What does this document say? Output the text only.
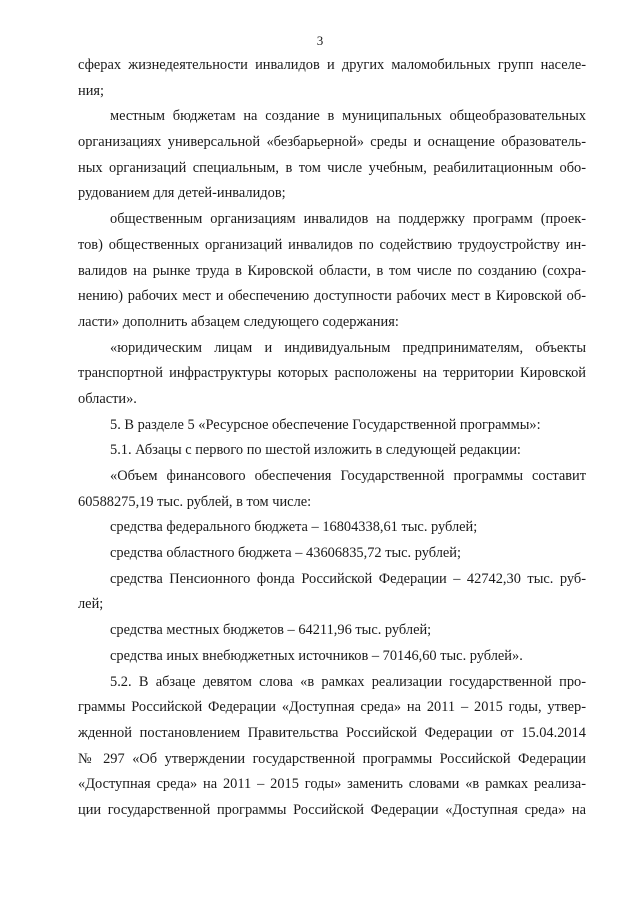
3
сферах жизнедеятельности инвалидов и других маломобильных групп населе-
ния;
местным бюджетам на создание в муниципальных общеобразовательных
организациях универсальной «безбарьерной» среды и оснащение образователь-
ных организаций специальным, в том числе учебным, реабилитационным обо-
рудованием для детей-инвалидов;
общественным организациям инвалидов на поддержку программ (проек-
тов) общественных организаций инвалидов по содействию трудоустройству ин-
валидов на рынке труда в Кировской области, в том числе по созданию (сохра-
нению) рабочих мест и обеспечению доступности рабочих мест в Кировской об-
ласти» дополнить абзацем следующего содержания:
«юридическим лицам и индивидуальным предпринимателям, объекты
транспортной инфраструктуры которых расположены на территории Кировской
области».
5. В разделе 5 «Ресурсное обеспечение Государственной программы»:
5.1. Абзацы с первого по шестой изложить в следующей редакции:
«Объем финансового обеспечения Государственной программы составит
60588275,19 тыс. рублей, в том числе:
средства федерального бюджета – 16804338,61 тыс. рублей;
средства областного бюджета – 43606835,72 тыс. рублей;
средства Пенсионного фонда Российской Федерации – 42742,30 тыс. руб-
лей;
средства местных бюджетов – 64211,96 тыс. рублей;
средства иных внебюджетных источников – 70146,60 тыс. рублей».
5.2. В абзаце девятом слова «в рамках реализации государственной про-
граммы Российской Федерации «Доступная среда» на 2011 – 2015 годы, утвер-
жденной постановлением Правительства Российской Федерации от 15.04.2014
№ 297 «Об утверждении государственной программы Российской Федерации
«Доступная среда» на 2011 – 2015 годы» заменить словами «в рамках реализа-
ции государственной программы Российской Федерации «Доступная среда» на
